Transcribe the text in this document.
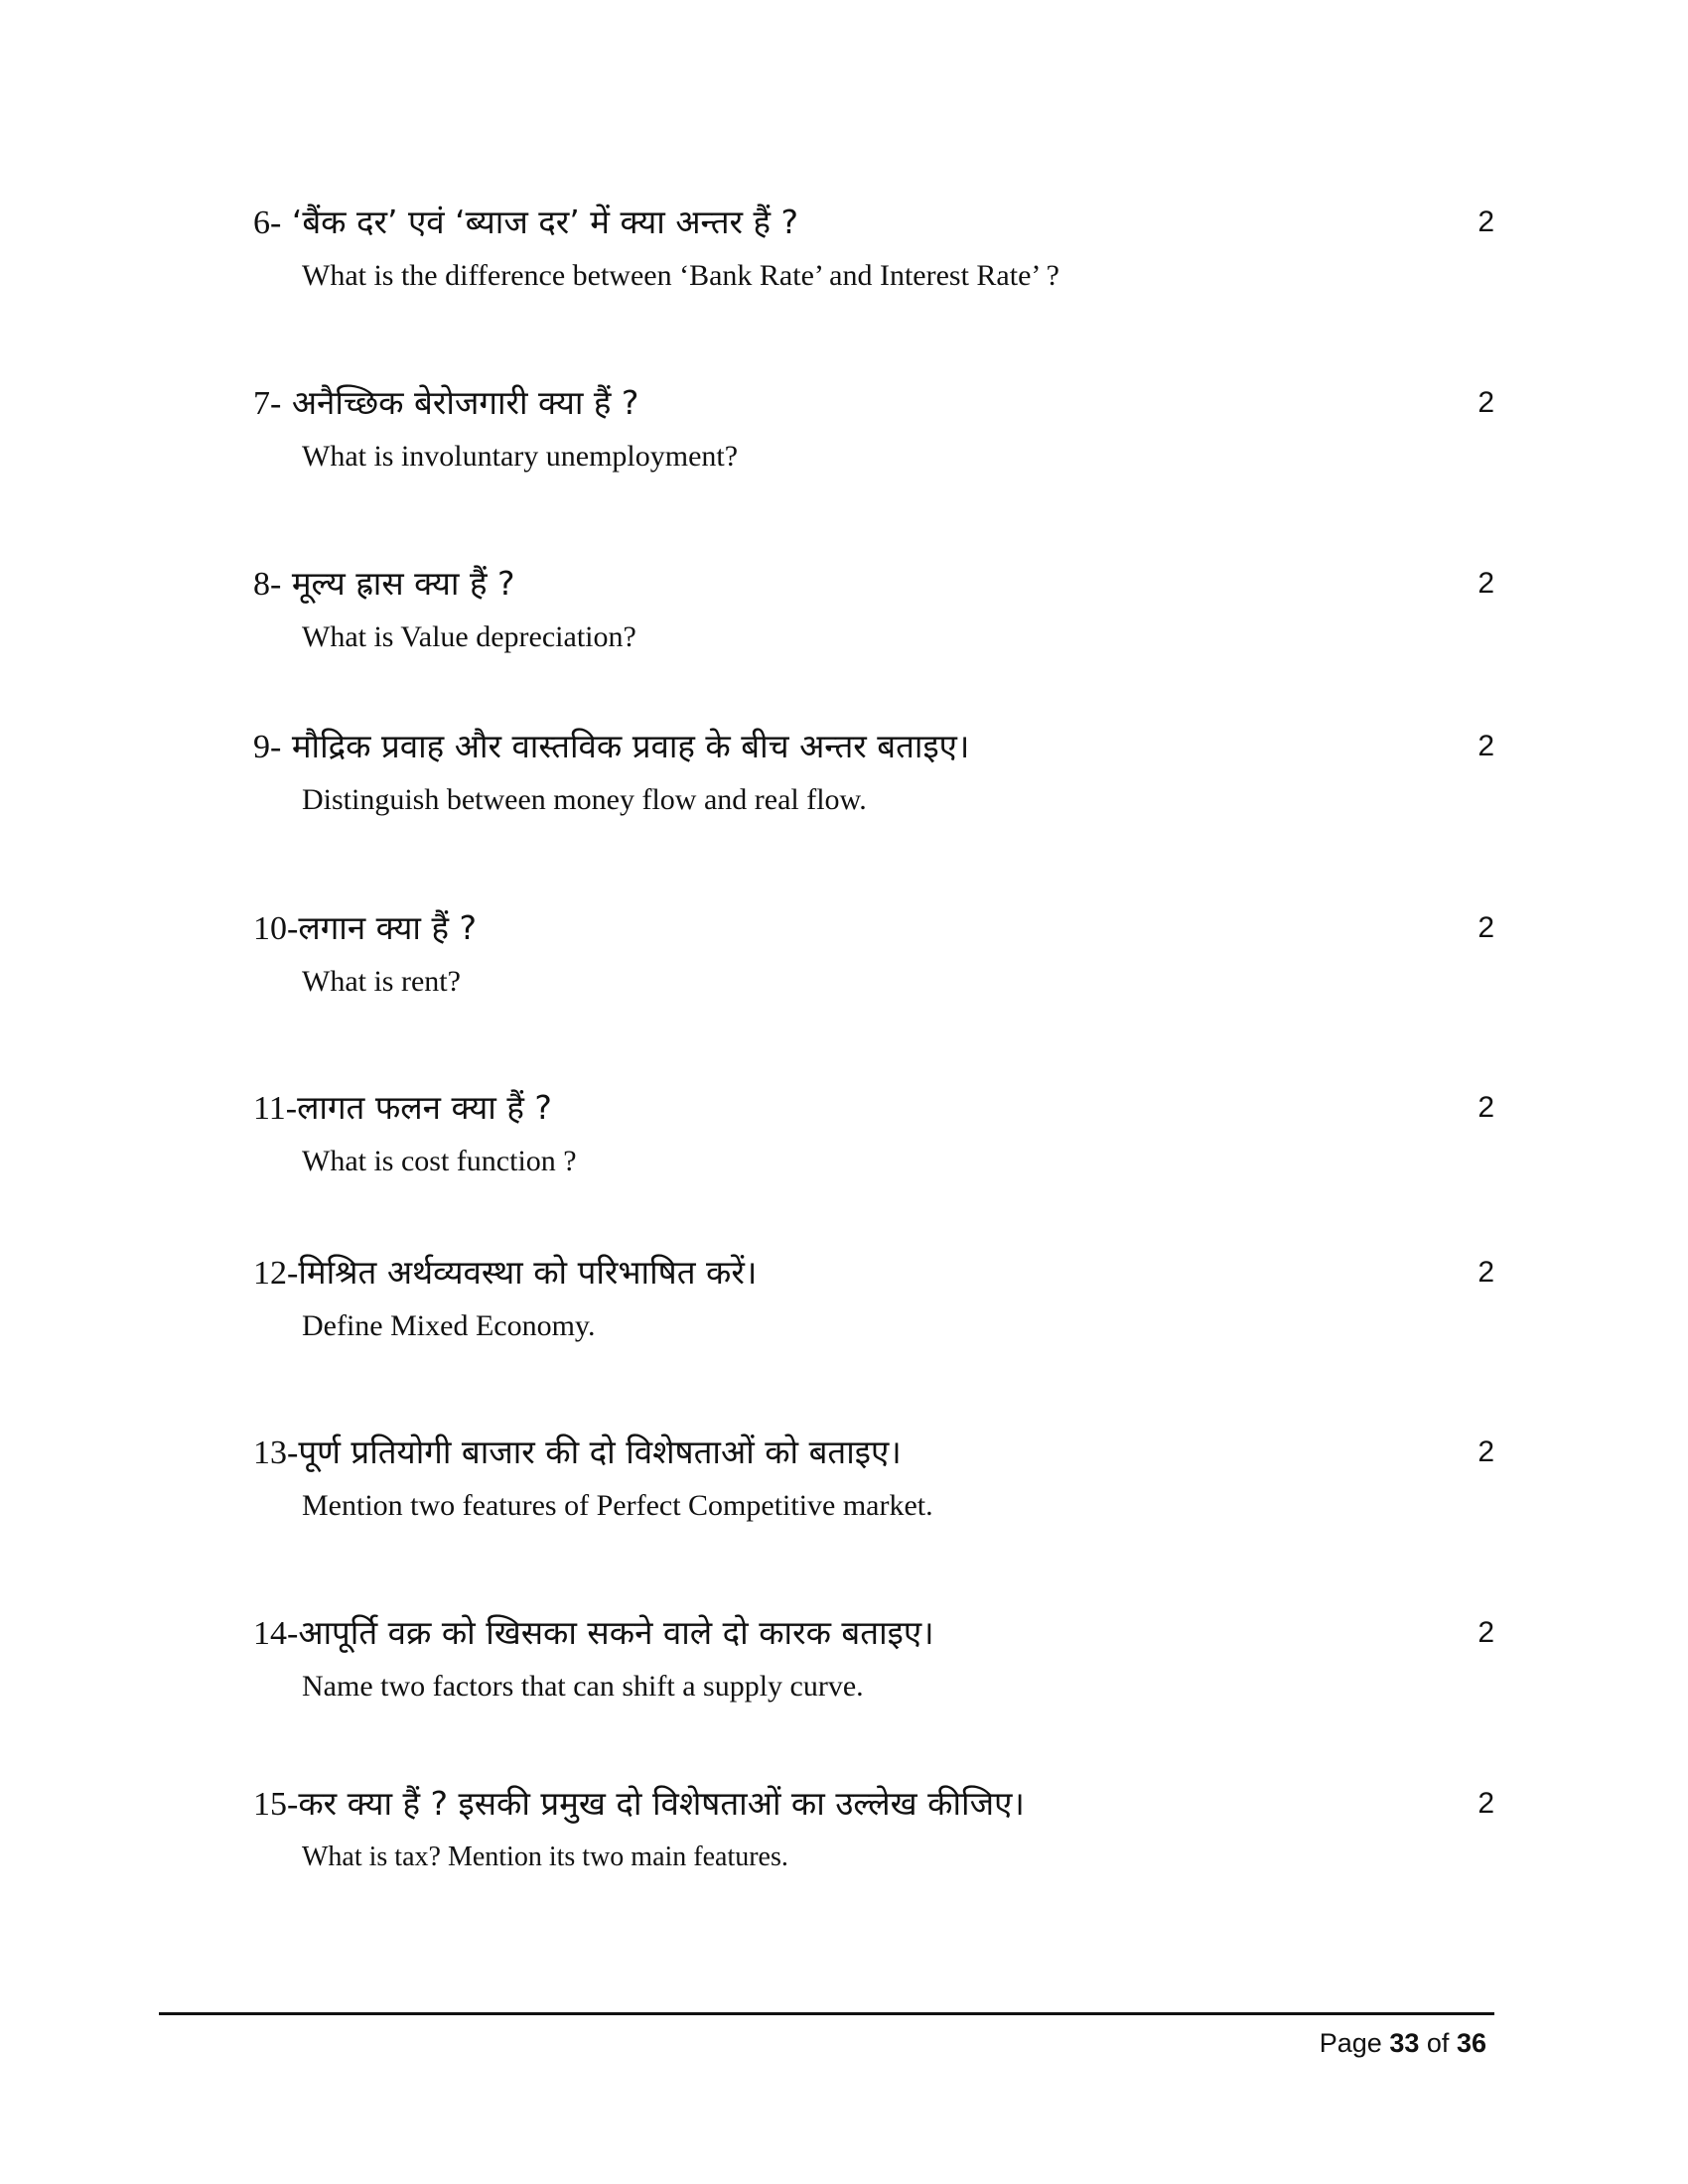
6- ‘बैंक दर’ एवं ‘ब्याज दर’ में क्या अन्तर हैं ?	2
What is the difference between ‘Bank Rate’ and Interest Rate’ ?
7- अनैच्छिक बेरोजगारी क्या हैं ?	2
What is involuntary unemployment?
8- मूल्य ह्रास क्या हैं ?	2
What is Value depreciation?
9- मौद्रिक प्रवाह और वास्तविक प्रवाह के बीच अन्तर बताइए।	2
Distinguish between money flow and real flow.
10-लगान क्या हैं ?	2
What is rent?
11-लागत फलन क्या हैं ?	2
What is cost function ?
12-मिश्रित अर्थव्यवस्था को परिभाषित करें।	2
Define Mixed Economy.
13-पूर्ण प्रतियोगी बाजार की दो विशेषताओं को बताइए।	2
Mention two features of Perfect Competitive market.
14-आपूर्ति वक्र को खिसका सकने वाले दो कारक बताइए।	2
Name two factors that can shift a supply curve.
15-कर क्या हैं ? इसकी प्रमुख दो विशेषताओं का उल्लेख कीजिए।	2
What is tax? Mention its two main features.
Page 33 of 36
